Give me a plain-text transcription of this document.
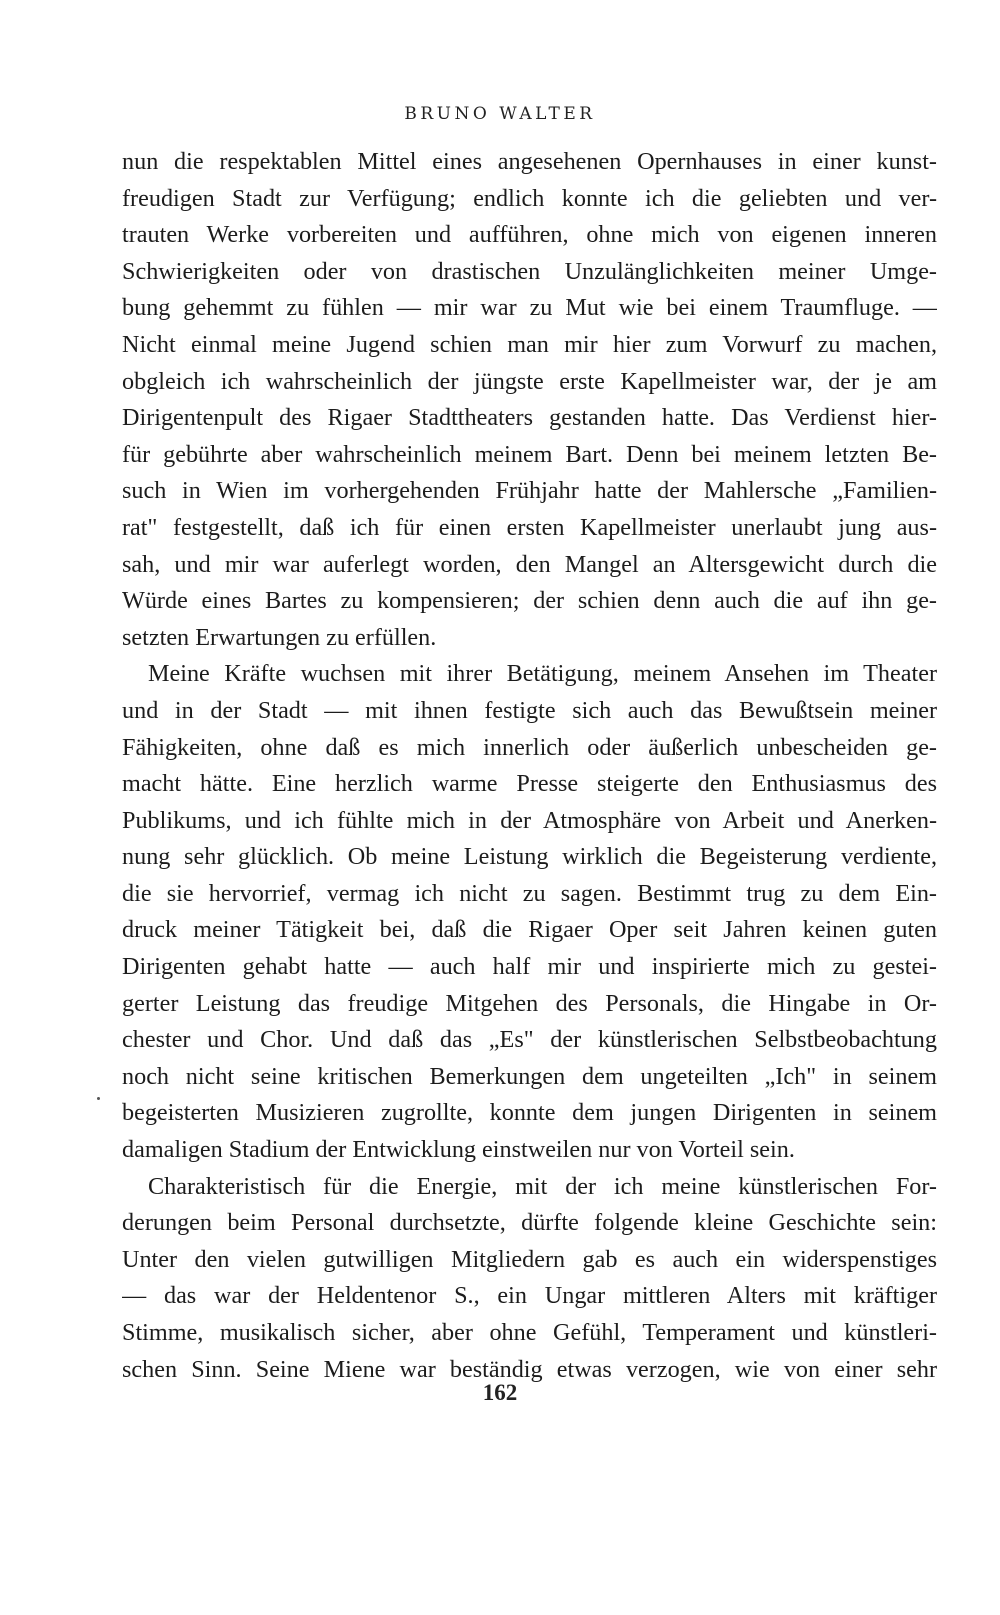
BRUNO WALTER
nun die respektablen Mittel eines angesehenen Opernhauses in einer kunst-
freudigen Stadt zur Verfügung; endlich konnte ich die geliebten und ver-
trauten Werke vorbereiten und aufführen, ohne mich von eigenen inneren
Schwierigkeiten oder von drastischen Unzulänglichkeiten meiner Umge-
bung gehemmt zu fühlen — mir war zu Mut wie bei einem Traumfluge. —
Nicht einmal meine Jugend schien man mir hier zum Vorwurf zu machen,
obgleich ich wahrscheinlich der jüngste erste Kapellmeister war, der je am
Dirigentenpult des Rigaer Stadttheaters gestanden hatte. Das Verdienst hier-
für gebührte aber wahrscheinlich meinem Bart. Denn bei meinem letzten Be-
such in Wien im vorhergehenden Frühjahr hatte der Mahlersche „Familien-
rat" festgestellt, daß ich für einen ersten Kapellmeister unerlaubt jung aus-
sah, und mir war auferlegt worden, den Mangel an Altersgewicht durch die
Würde eines Bartes zu kompensieren; der schien denn auch die auf ihn ge-
setzten Erwartungen zu erfüllen.
Meine Kräfte wuchsen mit ihrer Betätigung, meinem Ansehen im Theater
und in der Stadt — mit ihnen festigte sich auch das Bewußtsein meiner
Fähigkeiten, ohne daß es mich innerlich oder äußerlich unbescheiden ge-
macht hätte. Eine herzlich warme Presse steigerte den Enthusiasmus des
Publikums, und ich fühlte mich in der Atmosphäre von Arbeit und Anerken-
nung sehr glücklich. Ob meine Leistung wirklich die Begeisterung verdiente,
die sie hervorrief, vermag ich nicht zu sagen. Bestimmt trug zu dem Ein-
druck meiner Tätigkeit bei, daß die Rigaer Oper seit Jahren keinen guten
Dirigenten gehabt hatte — auch half mir und inspirierte mich zu gestei-
gerter Leistung das freudige Mitgehen des Personals, die Hingabe in Or-
chester und Chor. Und daß das „Es" der künstlerischen Selbstbeobachtung
noch nicht seine kritischen Bemerkungen dem ungeteilten „Ich" in seinem
begeisterten Musizieren zugrollte, konnte dem jungen Dirigenten in seinem
damaligen Stadium der Entwicklung einstweilen nur von Vorteil sein.
Charakteristisch für die Energie, mit der ich meine künstlerischen For-
derungen beim Personal durchsetzte, dürfte folgende kleine Geschichte sein:
Unter den vielen gutwilligen Mitgliedern gab es auch ein widerspenstiges
— das war der Heldentenor S., ein Ungar mittleren Alters mit kräftiger
Stimme, musikalisch sicher, aber ohne Gefühl, Temperament und künstleri-
schen Sinn. Seine Miene war beständig etwas verzogen, wie von einer sehr
162
